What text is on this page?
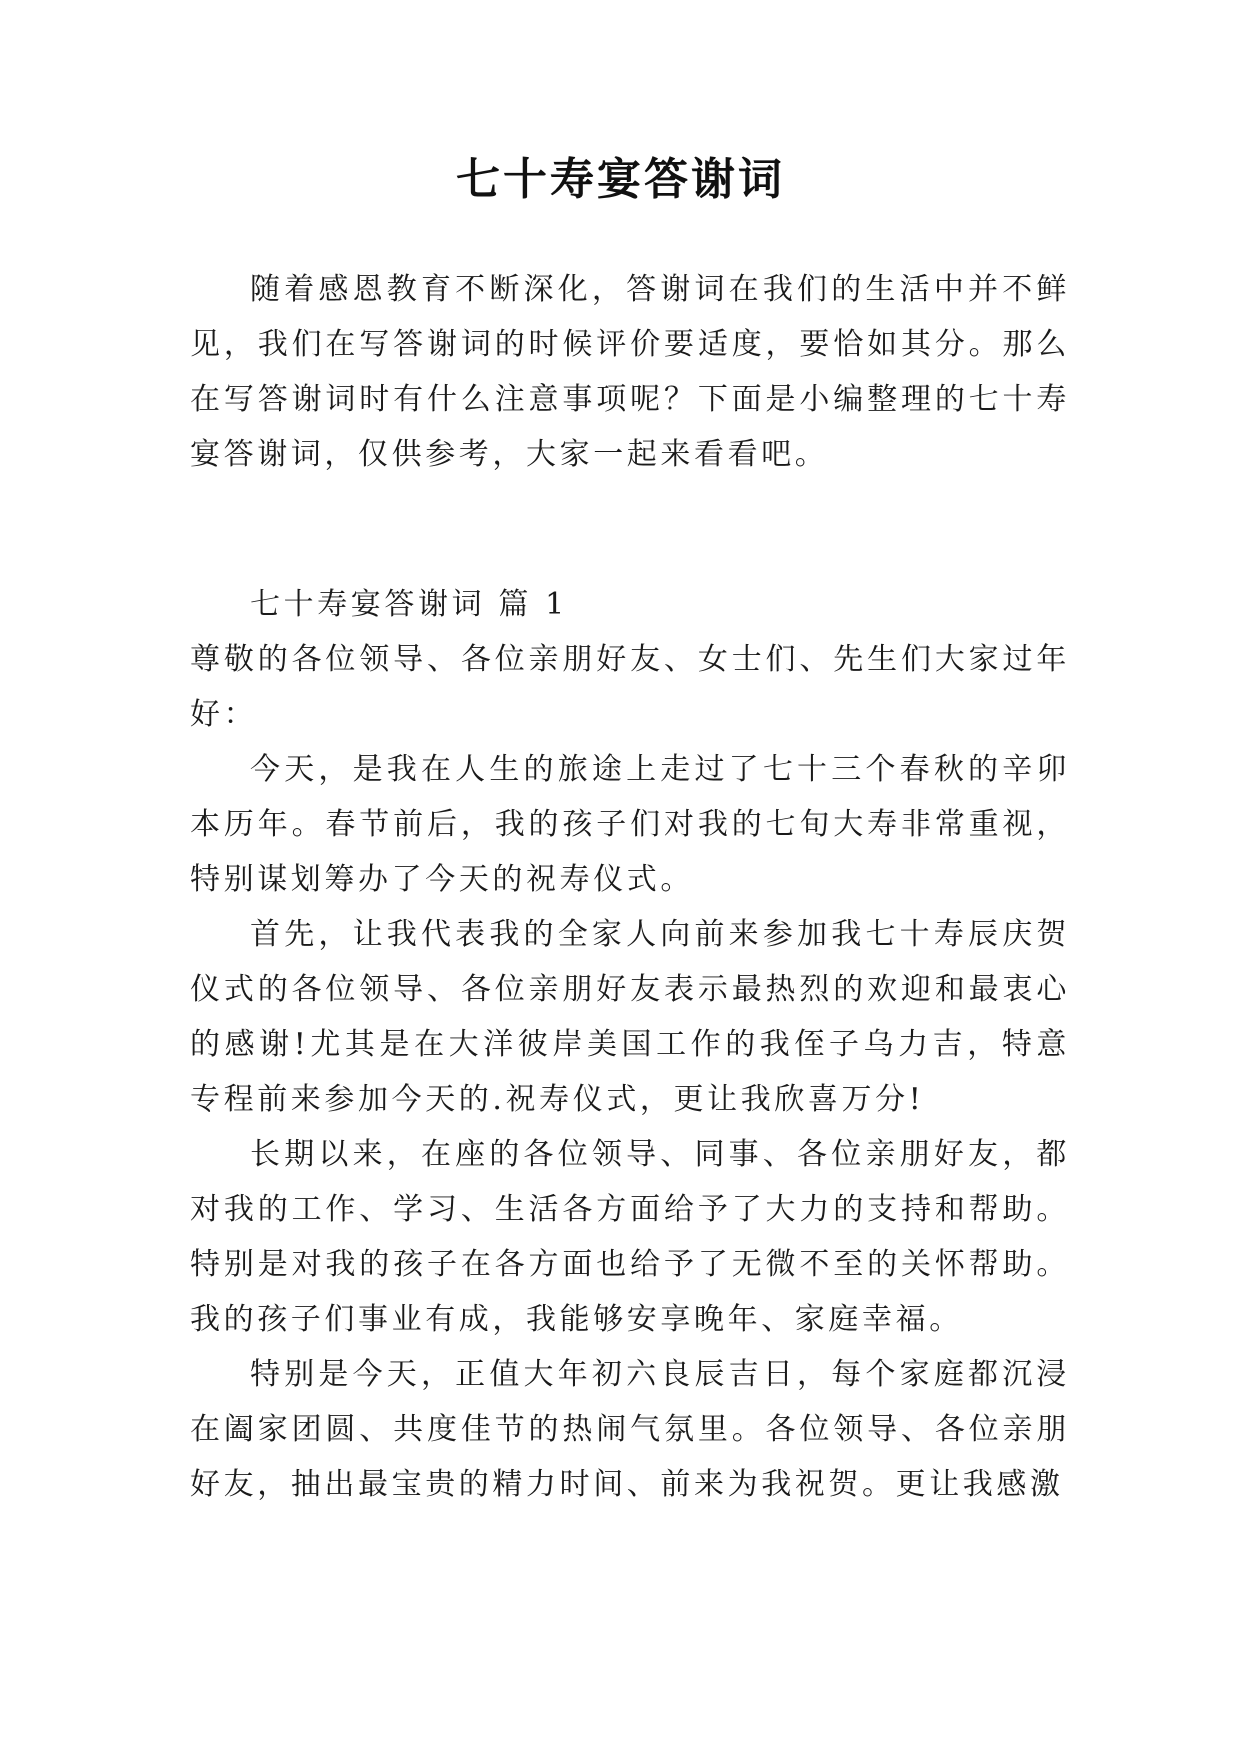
七十寿宴答谢词

随着感恩教育不断深化，答谢词在我们的生活中并不鲜见，我们在写答谢词的时候评价要适度，要恰如其分。那么在写答谢词时有什么注意事项呢？下面是小编整理的七十寿宴答谢词，仅供参考，大家一起来看看吧。

七十寿宴答谢词 篇 1

尊敬的各位领导、各位亲朋好友、女士们、先生们大家过年好：

今天，是我在人生的旅途上走过了七十三个春秋的辛卯本历年。春节前后，我的孩子们对我的七旬大寿非常重视，特别谋划筹办了今天的祝寿仪式。

首先，让我代表我的全家人向前来参加我七十寿辰庆贺仪式的各位领导、各位亲朋好友表示最热烈的欢迎和最衷心的感谢!尤其是在大洋彼岸美国工作的我侄子乌力吉，特意专程前来参加今天的.祝寿仪式，更让我欣喜万分!

长期以来，在座的各位领导、同事、各位亲朋好友，都对我的工作、学习、生活各方面给予了大力的支持和帮助。特别是对我的孩子在各方面也给予了无微不至的关怀帮助。我的孩子们事业有成，我能够安享晚年、家庭幸福。

特别是今天，正值大年初六良辰吉日，每个家庭都沉浸在阖家团圆、共度佳节的热闹气氛里。各位领导、各位亲朋好友，抽出最宝贵的精力时间、前来为我祝贺。更让我感激
